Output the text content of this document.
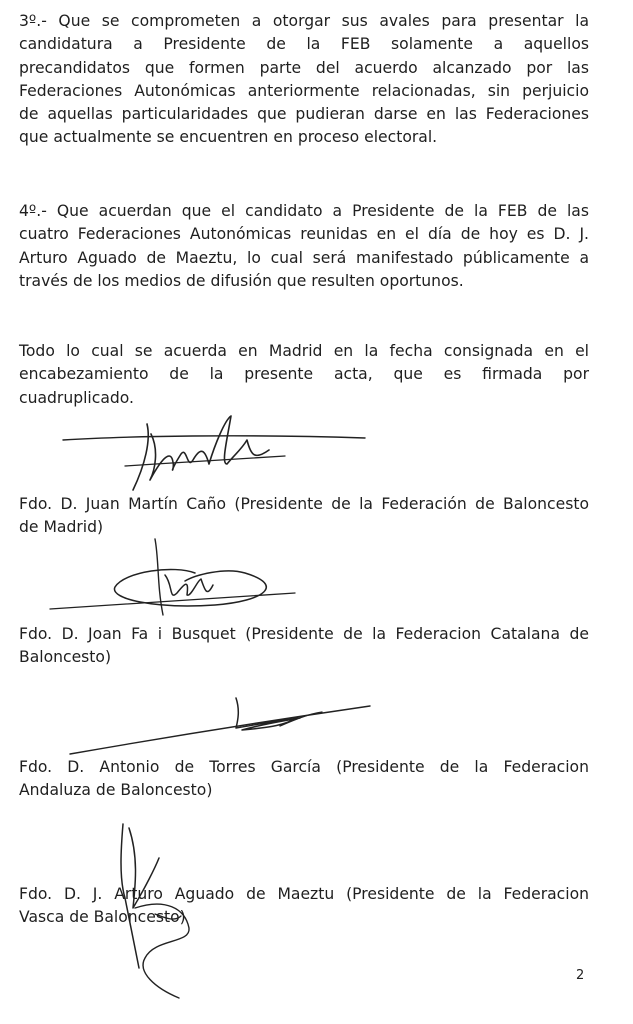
3º.- Que se comprometen a otorgar sus avales para presentar la
candidatura a Presidente de la FEB solamente a aquellos
precandidatos que formen parte del acuerdo alcanzado por las
Federaciones Autonómicas anteriormente relacionadas, sin perjuicio
de aquellas particularidades que pudieran darse en las Federaciones
que actualmente se encuentren en proceso electoral.
4º.- Que acuerdan que el candidato a Presidente de la FEB de las
cuatro Federaciones Autonómicas reunidas en el día de hoy es D. J.
Arturo Aguado de Maeztu, lo cual será manifestado públicamente a
través de los medios de difusión que resulten oportunos.
Todo lo cual se acuerda en Madrid en la fecha consignada en el
encabezamiento de la presente acta, que es firmada por
cuadruplicado.
Fdo. D. Juan Martín Caño (Presidente de la Federación de Baloncesto
de Madrid)
Fdo. D. Joan Fa i Busquet (Presidente de la Federacion Catalana de
Baloncesto)
Fdo. D. Antonio de Torres García (Presidente de la Federacion
Andaluza de Baloncesto)
Fdo. D. J. Arturo Aguado de Maeztu (Presidente de la Federacion
Vasca de Baloncesto)
2
